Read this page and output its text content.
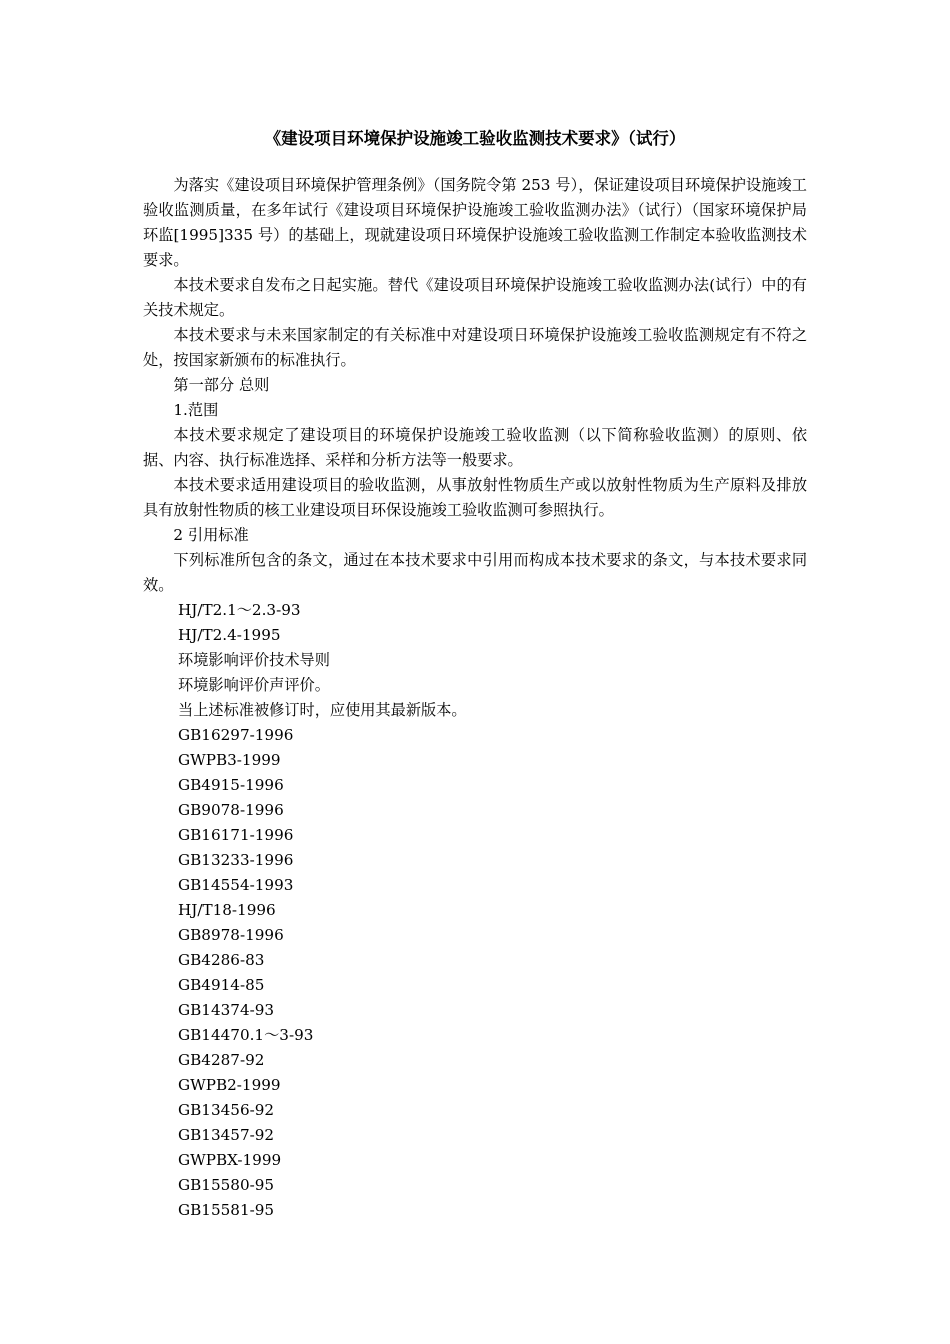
《建设项目环境保护设施竣工验收监测技术要求》（试行）

为落实《建设项目环境保护管理条例》（国务院令第 253 号），保证建设项目环境保护设施竣工验收监测质量，在多年试行《建设项目环境保护设施竣工验收监测办法》（试行）（国家环境保护局环监[1995]335 号）的基础上，现就建设项日环境保护设施竣工验收监测工作制定本验收监测技术要求。

本技术要求自发布之日起实施。替代《建设项目环境保护设施竣工验收监测办法(试行）中的有关技术规定。

本技术要求与未来国家制定的有关标准中对建设项日环境保护设施竣工验收监测规定有不符之处，按国家新颁布的标准执行。

第一部分 总则

1.范围

本技术要求规定了建设项目的环境保护设施竣工验收监测（以下简称验收监测）的原则、依据、内容、执行标准选择、采样和分析方法等一般要求。

本技术要求适用建设项目的验收监测，从事放射性物质生产或以放射性物质为生产原料及排放具有放射性物质的核工业建设项目环保设施竣工验收监测可参照执行。

2 引用标准

下列标准所包含的条文，通过在本技术要求中引用而构成本技术要求的条文，与本技术要求同效。

HJ/T2.1～2.3-93

HJ/T2.4-1995

环境影响评价技术导则

环境影响评价声评价。

当上述标准被修订时，应使用其最新版本。

GB16297-1996

GWPB3-1999

GB4915-1996

GB9078-1996

GB16171-1996

GB13233-1996

GB14554-1993

HJ/T18-1996

GB8978-1996

GB4286-83

GB4914-85

GB14374-93

GB14470.1～3-93

GB4287-92

GWPB2-1999

GB13456-92

GB13457-92

GWPBX-1999

GB15580-95

GB15581-95
